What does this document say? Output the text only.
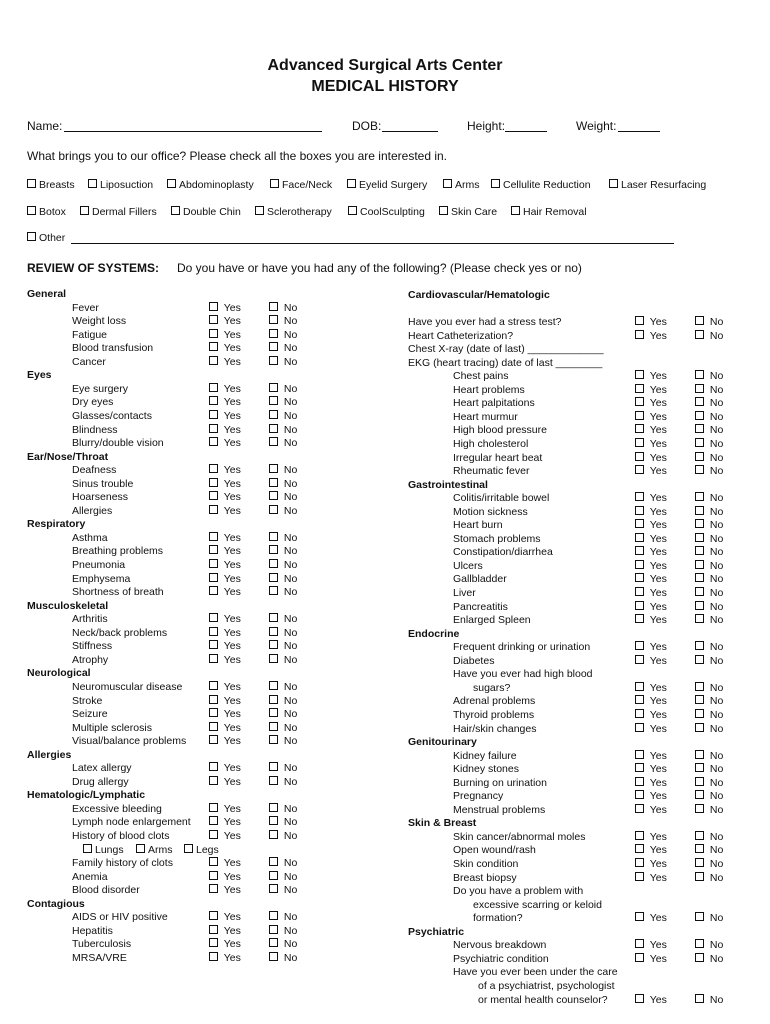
Advanced Surgical Arts Center
MEDICAL HISTORY
Name:	DOB:	Height:	Weight:
What brings you to our office? Please check all the boxes you are interested in.
Breasts	Liposuction	Abdominoplasty	Face/Neck	Eyelid Surgery	Arms	Cellulite Reduction	Laser Resurfacing
Botox	Dermal Fillers	Double Chin	Sclerotherapy	CoolSculpting	Skin Care	Hair Removal
Other
REVIEW OF SYSTEMS: Do you have or have you had any of the following? (Please check yes or no)
General
Fever	Yes	No
Weight loss	Yes	No
Fatigue	Yes	No
Blood transfusion	Yes	No
Cancer	Yes	No
Eyes
Eye surgery	Yes	No
Dry eyes	Yes	No
Glasses/contacts	Yes	No
Blindness	Yes	No
Blurry/double vision	Yes	No
Ear/Nose/Throat
Deafness	Yes	No
Sinus trouble	Yes	No
Hoarseness	Yes	No
Allergies	Yes	No
Respiratory
Asthma	Yes	No
Breathing problems	Yes	No
Pneumonia	Yes	No
Emphysema	Yes	No
Shortness of breath	Yes	No
Musculoskeletal
Arthritis	Yes	No
Neck/back problems	Yes	No
Stiffness	Yes	No
Atrophy	Yes	No
Neurological
Neuromuscular disease	Yes	No
Stroke	Yes	No
Seizure	Yes	No
Multiple sclerosis	Yes	No
Visual/balance problems	Yes	No
Allergies
Latex allergy	Yes	No
Drug allergy	Yes	No
Hematologic/Lymphatic
Excessive bleeding	Yes	No
Lymph node enlargement	Yes	No
History of blood clots	Yes	No
Lungs	Arms	Legs
Family history of clots	Yes	No
Anemia	Yes	No
Blood disorder	Yes	No
Contagious
AIDS or HIV positive	Yes	No
Hepatitis	Yes	No
Tuberculosis	Yes	No
MRSA/VRE	Yes	No
Cardiovascular/Hematologic
Have you ever had a stress test?	Yes	No
Heart Catheterization?	Yes	No
Chest X-ray (date of last) _____________
EKG (heart tracing) date of last ________
Chest pains	Yes	No
Heart problems	Yes	No
Heart palpitations	Yes	No
Heart murmur	Yes	No
High blood pressure	Yes	No
High cholesterol	Yes	No
Irregular heart beat	Yes	No
Rheumatic fever	Yes	No
Gastrointestinal
Colitis/irritable bowel	Yes	No
Motion sickness	Yes	No
Heart burn	Yes	No
Stomach problems	Yes	No
Constipation/diarrhea	Yes	No
Ulcers	Yes	No
Gallbladder	Yes	No
Liver	Yes	No
Pancreatitis	Yes	No
Enlarged Spleen	Yes	No
Endocrine
Frequent drinking or urination	Yes	No
Diabetes	Yes	No
Have you ever had high blood
sugars?	Yes	No
Adrenal problems	Yes	No
Thyroid problems	Yes	No
Hair/skin changes	Yes	No
Genitourinary
Kidney failure	Yes	No
Kidney stones	Yes	No
Burning on urination	Yes	No
Pregnancy	Yes	No
Menstrual problems	Yes	No
Skin & Breast
Skin cancer/abnormal moles	Yes	No
Open wound/rash	Yes	No
Skin condition	Yes	No
Breast biopsy	Yes	No
Do you have a problem with
excessive scarring or keloid
formation?	Yes	No
Psychiatric
Nervous breakdown	Yes	No
Psychiatric condition	Yes	No
Have you ever been under the care
of a psychiatrist, psychologist
or mental health counselor?	Yes	No
